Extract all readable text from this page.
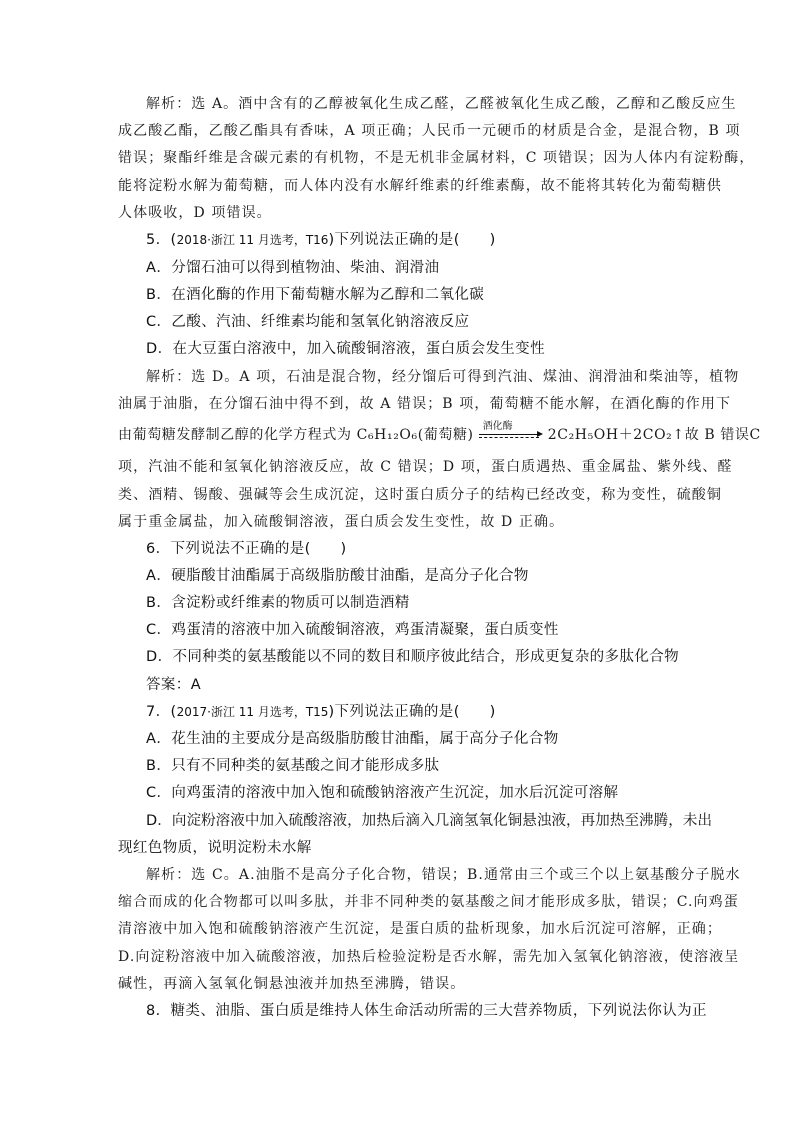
解析：选 A。酒中含有的乙醇被氧化生成乙醛，乙醛被氧化生成乙酸，乙醇和乙酸反应生
成乙酸乙酯，乙酸乙酯具有香味，A 项正确；人民币一元硬币的材质是合金，是混合物，B 项
错误；聚酯纤维是含碳元素的有机物，不是无机非金属材料，C 项错误；因为人体内有淀粉酶，
能将淀粉水解为葡萄糖，而人体内没有水解纤维素的纤维素酶，故不能将其转化为葡萄糖供
人体吸收，D 项错误。
5．(2018·浙江 11 月选考，T16)下列说法正确的是(　　)
A．分馏石油可以得到植物油、柴油、润滑油
B．在酒化酶的作用下葡萄糖水解为乙醇和二氧化碳
C．乙酸、汽油、纤维素均能和氢氧化钠溶液反应
D．在大豆蛋白溶液中，加入硫酸铜溶液，蛋白质会发生变性
解析：选 D。A 项，石油是混合物，经分馏后可得到汽油、煤油、润滑油和柴油等，植物
油属于油脂，在分馏石油中得不到，故 A 错误；B 项，葡萄糖不能水解，在酒化酶的作用下
由葡萄糖发酵制乙醇的化学方程式为 C₆H₁₂O₆(葡萄糖)
酒化酶
2C₂H₅OH＋2CO₂↑故 B 错误C
项，汽油不能和氢氧化钠溶液反应，故 C 错误；D 项，蛋白质遇热、重金属盐、紫外线、醛
类、酒精、锡酸、强碱等会生成沉淀，这时蛋白质分子的结构已经改变，称为变性，硫酸铜
属于重金属盐，加入硫酸铜溶液，蛋白质会发生变性，故 D 正确。
6．下列说法不正确的是(　　)
A．硬脂酸甘油酯属于高级脂肪酸甘油酯，是高分子化合物
B．含淀粉或纤维素的物质可以制造酒精
C．鸡蛋清的溶液中加入硫酸铜溶液，鸡蛋清凝聚，蛋白质变性
D．不同种类的氨基酸能以不同的数目和顺序彼此结合，形成更复杂的多肽化合物
答案：A
7．(2017·浙江 11 月选考，T15)下列说法正确的是(　　)
A．花生油的主要成分是高级脂肪酸甘油酯，属于高分子化合物
B．只有不同种类的氨基酸之间才能形成多肽
C．向鸡蛋清的溶液中加入饱和硫酸钠溶液产生沉淀，加水后沉淀可溶解
D．向淀粉溶液中加入硫酸溶液，加热后滴入几滴氢氧化铜悬浊液，再加热至沸腾，未出
现红色物质，说明淀粉未水解
解析：选 C。A.油脂不是高分子化合物，错误；B.通常由三个或三个以上氨基酸分子脱水
缩合而成的化合物都可以叫多肽，并非不同种类的氨基酸之间才能形成多肽，错误；C.向鸡蛋
清溶液中加入饱和硫酸钠溶液产生沉淀，是蛋白质的盐析现象，加水后沉淀可溶解，正确；
D.向淀粉溶液中加入硫酸溶液，加热后检验淀粉是否水解，需先加入氢氧化钠溶液，使溶液呈
碱性，再滴入氢氧化铜悬浊液并加热至沸腾，错误。
8．糖类、油脂、蛋白质是维持人体生命活动所需的三大营养物质，下列说法你认为正
